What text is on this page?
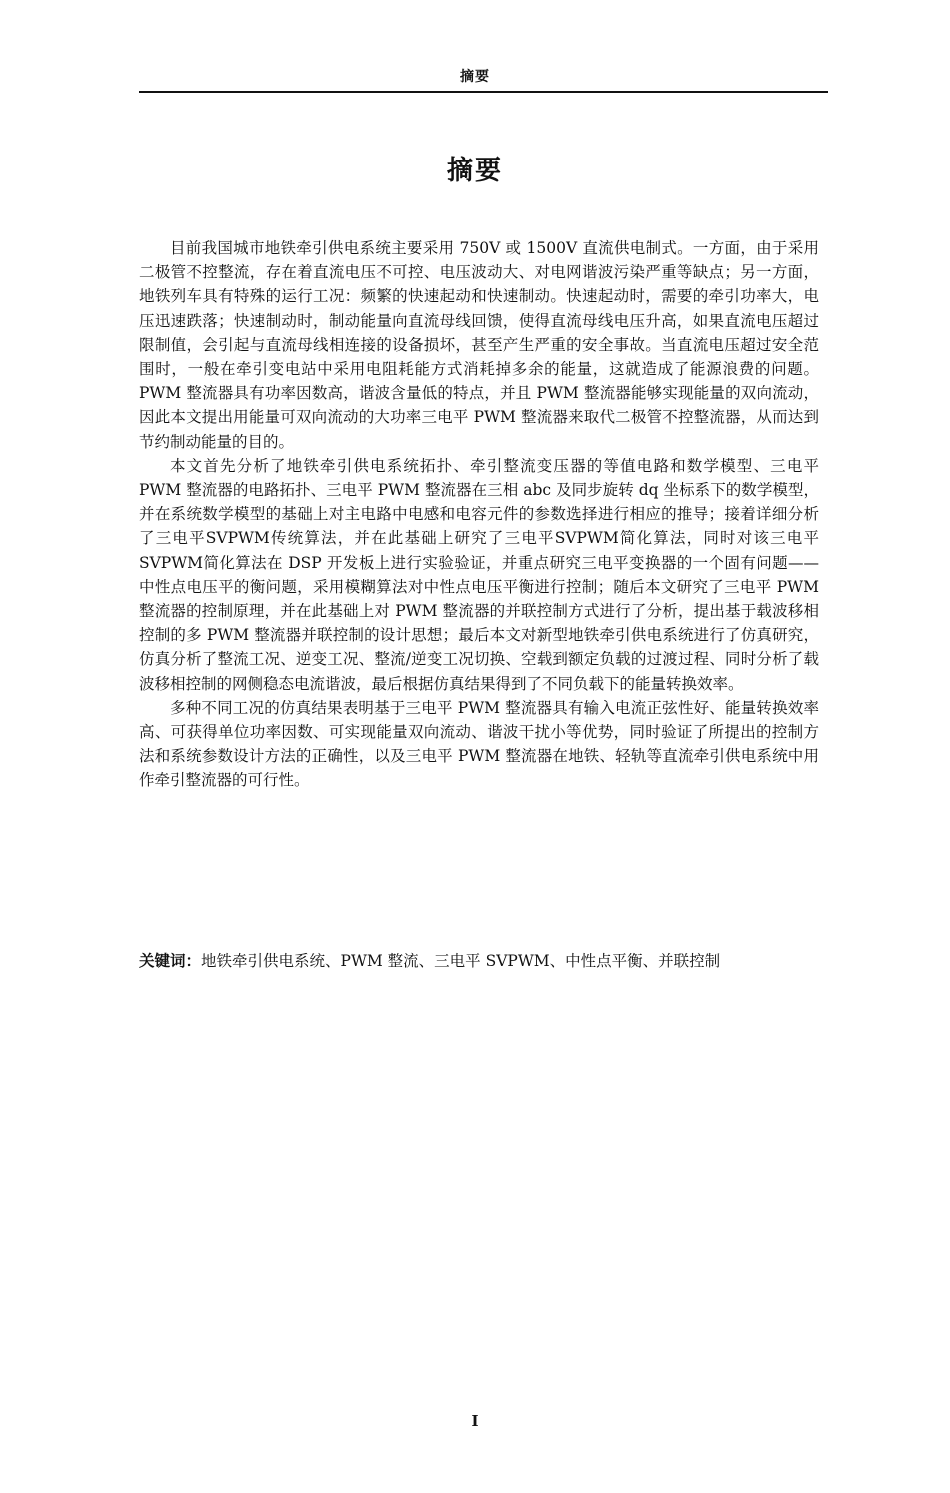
摘要
摘要

目前我国城市地铁牵引供电系统主要采用 750V 或 1500V 直流供电制式。一方面，由于采用二极管不控整流，存在着直流电压不可控、电压波动大、对电网谐波污染严重等缺点；另一方面，地铁列车具有特殊的运行工况：频繁的快速起动和快速制动。快速起动时，需要的牵引功率大，电压迅速跌落；快速制动时，制动能量向直流母线回馈，使得直流母线电压升高，如果直流电压超过限制值，会引起与直流母线相连接的设备损坏，甚至产生严重的安全事故。当直流电压超过安全范围时，一般在牵引变电站中采用电阻耗能方式消耗掉多余的能量，这就造成了能源浪费的问题。PWM 整流器具有功率因数高，谐波含量低的特点，并且 PWM 整流器能够实现能量的双向流动，因此本文提出用能量可双向流动的大功率三电平 PWM 整流器来取代二极管不控整流器，从而达到节约制动能量的目的。

本文首先分析了地铁牵引供电系统拓扑、牵引整流变压器的等值电路和数学模型、三电平 PWM 整流器的电路拓扑、三电平 PWM 整流器在三相 abc 及同步旋转 dq 坐标系下的数学模型，并在系统数学模型的基础上对主电路中电感和电容元件的参数选择进行相应的推导；接着详细分析了三电平SVPWM传统算法，并在此基础上研究了三电平SVPWM简化算法，同时对该三电平SVPWM简化算法在 DSP 开发板上进行实验验证，并重点研究三电平变换器的一个固有问题——中性点电压平的衡问题，采用模糊算法对中性点电压平衡进行控制；随后本文研究了三电平 PWM 整流器的控制原理，并在此基础上对 PWM 整流器的并联控制方式进行了分析，提出基于载波移相控制的多 PWM 整流器并联控制的设计思想；最后本文对新型地铁牵引供电系统进行了仿真研究，仿真分析了整流工况、逆变工况、整流/逆变工况切换、空载到额定负载的过渡过程、同时分析了载波移相控制的网侧稳态电流谐波，最后根据仿真结果得到了不同负载下的能量转换效率。

多种不同工况的仿真结果表明基于三电平 PWM 整流器具有输入电流正弦性好、能量转换效率高、可获得单位功率因数、可实现能量双向流动、谐波干扰小等优势，同时验证了所提出的控制方法和系统参数设计方法的正确性，以及三电平 PWM 整流器在地铁、轻轨等直流牵引供电系统中用作牵引整流器的可行性。

关键词：地铁牵引供电系统、PWM 整流、三电平 SVPWM、中性点平衡、并联控制
I
